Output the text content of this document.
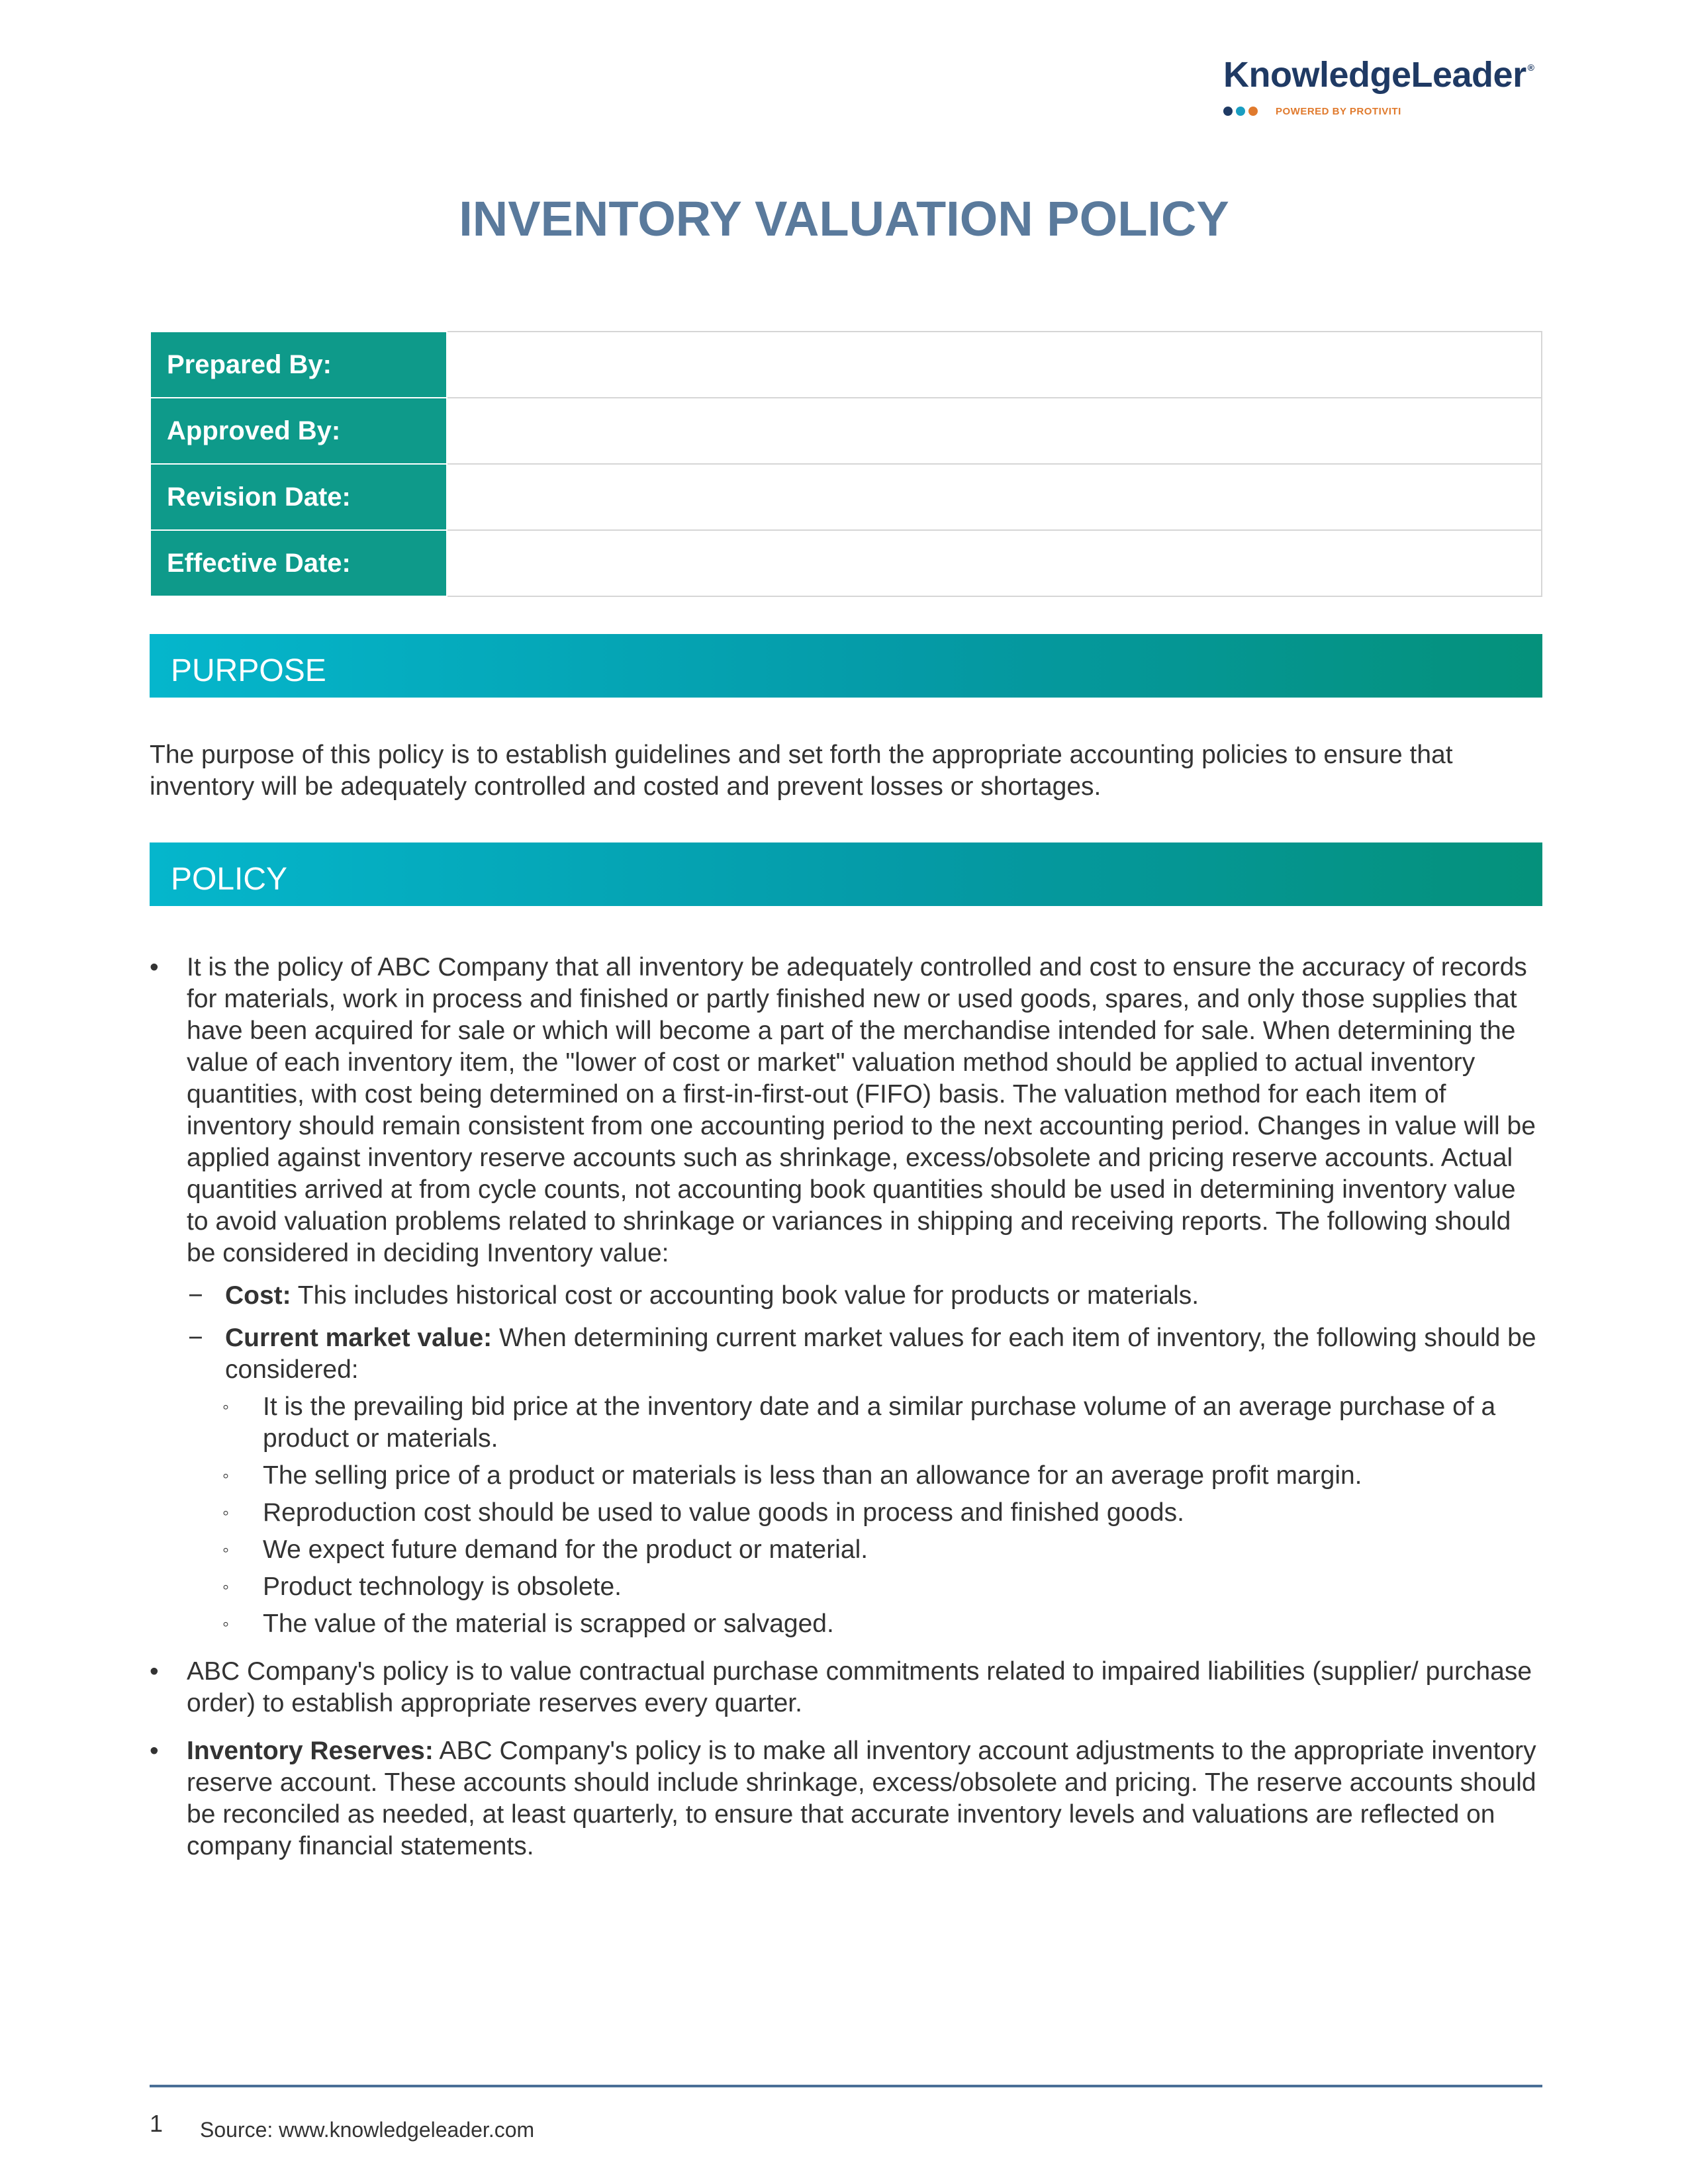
KnowledgeLeader ®
POWERED BY PROTIVITI
INVENTORY VALUATION POLICY
Prepared By:	
Approved By:	
Revision Date:	
Effective Date:	
PURPOSE

The purpose of this policy is to establish guidelines and set forth the appropriate accounting policies to ensure that inventory will be adequately controlled and costed and prevent losses or shortages.

POLICY
• It is the policy of ABC Company that all inventory be adequately controlled and cost to ensure the accuracy of records for materials, work in process and finished or partly finished new or used goods, spares, and only those supplies that have been acquired for sale or which will become a part of the merchandise intended for sale. When determining the value of each inventory item, the "lower of cost or market" valuation method should be applied to actual inventory quantities, with cost being determined on a first-in-first-out (FIFO) basis. The valuation method for each item of inventory should remain consistent from one accounting period to the next accounting period. Changes in value will be applied against inventory reserve accounts such as shrinkage, excess/obsolete and pricing reserve accounts. Actual quantities arrived at from cycle counts, not accounting book quantities should be used in determining inventory value to avoid valuation problems related to shrinkage or variances in shipping and receiving reports. The following should be considered in deciding Inventory value:
− Cost: This includes historical cost or accounting book value for products or materials.
− Current market value: When determining current market values for each item of inventory, the following should be considered:
◦ It is the prevailing bid price at the inventory date and a similar purchase volume of an average purchase of a product or materials.
◦ The selling price of a product or materials is less than an allowance for an average profit margin.
◦ Reproduction cost should be used to value goods in process and finished goods.
◦ We expect future demand for the product or material.
◦ Product technology is obsolete.
◦ The value of the material is scrapped or salvaged.
• ABC Company's policy is to value contractual purchase commitments related to impaired liabilities (supplier/ purchase order) to establish appropriate reserves every quarter.
• Inventory Reserves: ABC Company's policy is to make all inventory account adjustments to the appropriate inventory reserve account. These accounts should include shrinkage, excess/obsolete and pricing. The reserve accounts should be reconciled as needed, at least quarterly, to ensure that accurate inventory levels and valuations are reflected on company financial statements.
1 Source: www.knowledgeleader.com
